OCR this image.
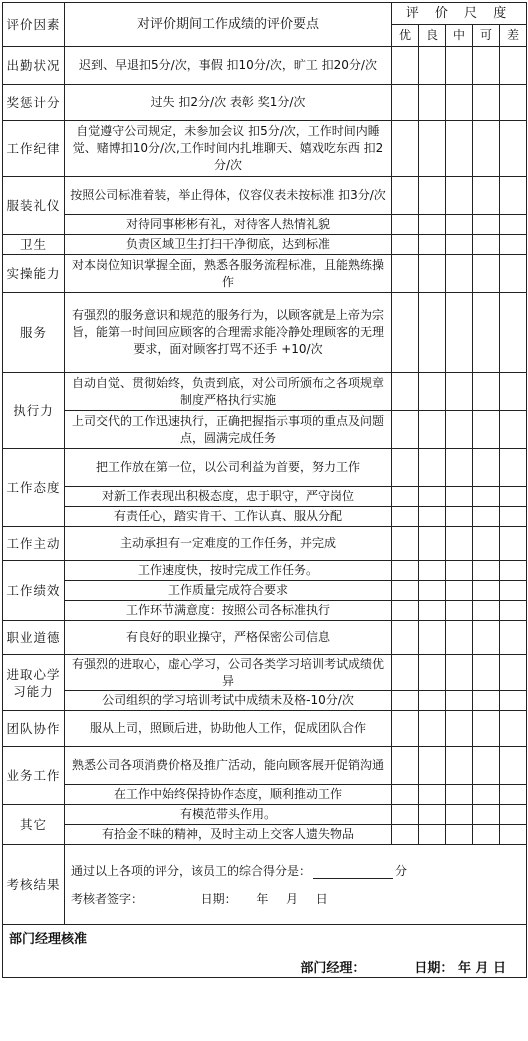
评价因素	对评价期间工作成绩的评价要点	评 价 尺 度				
		优	良	中	可	差
出勤状况	迟到、早退扣5分/次，事假 扣10分/次，旷工 扣20分/次					
奖惩计分	过失 扣2分/次 表彰 奖1分/次					
工作纪律	自觉遵守公司规定，未参加会议 扣5分/次，工作时间内睡觉、赌博扣10分/次,工作时间内扎堆聊天、嬉戏吃东西 扣2分/次					
服装礼仪	按照公司标准着装，举止得体，仪容仪表未按标准 扣3分/次					
	对待同事彬彬有礼，对待客人热情礼貌					
卫生	负责区域卫生打扫干净彻底，达到标准					
实操能力	对本岗位知识掌握全面，熟悉各服务流程标准，且能熟练操作					
服务	有强烈的服务意识和规范的服务行为，以顾客就是上帝为宗旨，能第一时间回应顾客的合理需求能冷静处理顾客的无理要求，面对顾客打骂不还手 +10/次					
执行力	自动自觉、贯彻始终，负责到底，对公司所颁布之各项规章制度严格执行实施					
	上司交代的工作迅速执行，正确把握指示事项的重点及问题点，圆满完成任务					
工作态度	把工作放在第一位，以公司利益为首要，努力工作					
	对新工作表现出积极态度，忠于职守，严守岗位					
	有责任心，踏实肯干、工作认真、服从分配					
工作主动	主动承担有一定难度的工作任务，并完成					
工作绩效	工作速度快，按时完成工作任务。					
	工作质量完成符合要求					
	工作环节满意度：按照公司各标准执行					
职业道德	有良好的职业操守，严格保密公司信息					
进取心学习能力	有强烈的进取心，虚心学习，公司各类学习培训考试成绩优异					
	公司组织的学习培训考试中成绩未及格-10分/次					
团队协作	服从上司，照顾后进，协助他人工作，促成团队合作					
业务工作	熟悉公司各项消费价格及推广活动，能向顾客展开促销沟通					
	在工作中始终保持协作态度，顺利推动工作					
其它	有模范带头作用。					
	有拾金不昧的精神，及时主动上交客人遗失物品					
考核结果	通过以上各项的评分，该员工的综合得分是： 分
考核者签字： 日期： 年 月 日					

部门经理核准
部门经理： 日期： 年 月 日						
